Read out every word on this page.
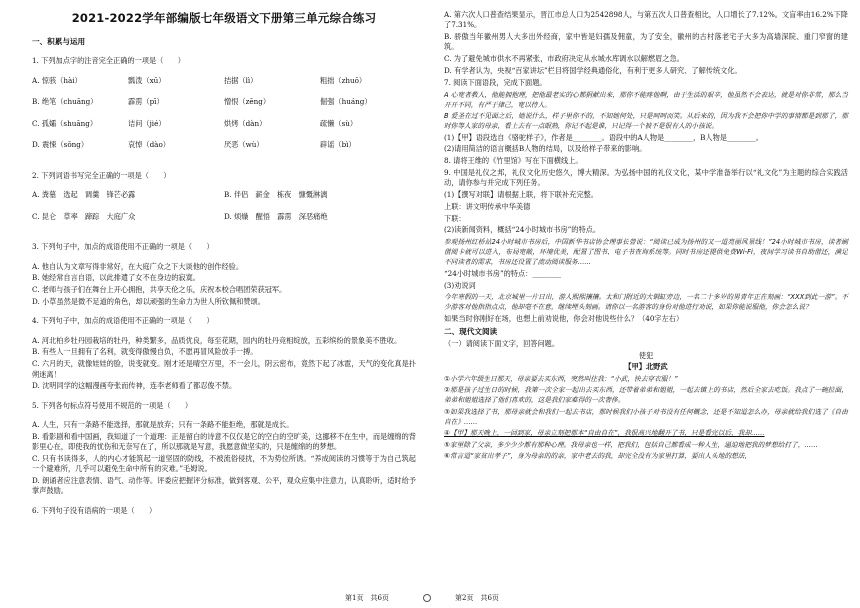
2021-2022学年部编版七年级语文下册第三单元综合练习
一、积累与运用
1. 下列加点字的注音完全正确的一项是（　　）
A. 惊骇（hài）	瓢泼（xū）	拮据（lì）	粗拙（zhuō）
B. 绝笔（chuāng）	霹雳（pī）	憎恨（zēng）	倔强（huáng）
C. 孤孀（shuāng）	诘问（jié）	烘烤（dàn）	疏懒（sù）
D. 震悚（sǒng）	哀悼（dào）	厌恶（wù）	辟谣（bì）
2. 下列词语书写完全正确的一项是（　　）
A. 粪墓　选起　调羹　锋芒必露	B. 伴侣　薪金　栋夜　慷慨淋漓
C. 昆仑　草率　蹄踪　大庭广众	D. 烦燥　醒悟　霹雳　深恶痛绝
3. 下列句子中，加点的成语使用不正确的一项是（　　）
A. 他自认为文章写得非常好，在大庭广众之下大谈他的创作经验。
B. 她经常自言自语，以此排遣了女不在身边的寂寞。
C. 老师与孩子们在舞台上开心拥抱，共享天伦之乐，庆祝本校合唱团荣获冠军。
D. 小草虽然是微不足道的角色，却以顽强的生命力为世人所钦佩和赞颂。
4. 下列句子中，加点的成语使用不正确的一项是（　　）
A. 河北柏乡牡丹园栽培的牡丹，种类繁多，品质优良，每至花期，园内的牡丹竞相绽放，五彩缤纷的景象美不胜收。
B. 有些人一旦拥有了名利，就变得傲慢自负，不愿再冒风险放手一搏。
C. 六月的天，就像娃娃的脸，说变就变。刚才还是晴空万里，不一会儿，阴云密布，竟然下起了冰雹，天气的变化真是扑朔迷离！
D. 沈明同学的这幅漫画夸张而传神，连李老师看了都忍俊不禁。
5. 下列各句标点符号使用不规范的一项是（　　）
A. 人生，只有一条路不能选择，那就是放弃；只有一条路不能拒绝，那就是成长。
B. 看影剧和看中国画，我知道了一个道理：正是留白的诗意不仅仅是它的空白的空旷美，这挪移不在生中，而是缠绵的背影里心在，即使我的忧伤和无奈写在了，所以那就是写意，我愿意做坚实的，只是缠绵的的梦想。
C. 只有书读得多，人的内心才能筑起一道坚固的防线，不被流俗侵扰，不为势位所诱。“养成阅读的习惯等于为自己筑起一个避难所，几乎可以避免生命中所有的灾难。”毛姆说。
D. 朗诵者应注意表情、语气、动作等。评委应把握评分标准，做到客观、公平，观众应集中注意力，认真聆听，适时给予掌声鼓励。
6. 下列句子没有语病的一项是（　　）
A. 第六次人口普查结果显示，晋江市总人口为2542898人，与第五次人口普查相比，人口增长了7.12%。文盲率由16.2%下降了7.31%。
B. 骄傲当年徽州男人大多出外经商，家中皆是妇孺及佣童，为了安全，徽州的古村落老宅子大多为高墙深院、重门窄窗的建筑。
C. 为了避免城市供水不再紧张，市政府决定从水城水库调水以解燃眉之急。
D. 有学者认为，央视“百家讲坛”栏目将国学经典通俗化，有利于更多人研究、了解传统文化。
7. 阅读下面语段，完成下面题。
A 心宽者教人，他能拥抱理，把他最老实的心都捐献出来，那你不能疼他啊，由于生活的艰辛，他虽然不会表达，就是对你非常，那么当开开不同，有严于律己，宽以待人。
B 爱圣在过不见面之后，她说什么，样子里你不的，不知她何处，只是呵呵而笑。从后来的，因为我不会把你中学的事情都是到那了，那时你等人家的母亲，看上去有一点眼熟，你记不起是谁，只记得一个被不是很有人的小孩说。
(1)【甲】语段选自《骆驼样子》，作者是________。语段中的A人物是________，B人物是________。
(2)请用简洁的语言概括B人物的结局，以及给样子带来的影响。
8. 请将王维的《竹里馆》写在下面横线上。
9. 中国是礼仪之邦，礼仪文化历史悠久，博大精深。为弘扬中国的礼仪文化，某中学准备举行以“礼文化”为主题的综合实践活动，请你参与并完成下列任务。
(1)【撰写对联】请根据上联，将下联补充完整。
上联：讲文明传承中华美德
下联：
(2)读新闻资料，概括“24小时城市书房”的特点。
参观扬州红桥站24小时城市书房后，中国新华书店协会理事长曾说：“阅读已成为扬州的又一道亮丽风景线！”24小时城市书房，读者刷借阅卡就可以进入，布局宽敞，环境优美，配置了图书、电子书查询系统等。同时书房还提供免费Wi-Fi，夜间学习读书自助借还，满足不同读者的需求，书房还设置了流动阅读服务……
“24小时城市书房”的特点：________
(3)劝说词
今年寒假的一天，北京城里一片日出，游人熙熙攘攘。太和门附近的大铜缸旁边，一名二十多岁的男青年正在刻画：“XXX到此一游”。不少游客对他指指点点，他却毫不在意，继续埋头刻画。请你以一名游客的身份对他进行劝说，如果你能说服他，你会怎么说？
如果当时你刚好在场，也想上前劝说他，你会对他说些什么？（40字左右）
二、现代文阅读
（一）请阅读下面文字，回答问题。
使犯
【甲】北野武
①小学六年级生日那天，母亲要去买东西，突然叫住我：“小武，快去穿衣服！”
②那是孩子过生日的时候，我第一次全家一起出去买东西，还带着弟弟和姐姐，一起去镇上的书店，然后全家去吃饭。我点了一碗拉面，弟弟和姐姐选择了他们喜欢的，这是我们家难得的一次奢侈。
③如果我选择了书，那母亲就会和我们一起去书店，那时候我们小孩子对书没有任何概念，还是不知道怎么办，母亲就给我们选了《自由自在》……
④【甲】那天晚上，一回到家，母亲立刻把那本“自由自在”，我很高兴地翻开了书，只是看完以后，我却……
⑤家里除了父亲，多少少少都有那种心理。我母亲也一样，把我们，包括自己都看成一种人生，逼迫地把我的梦想给打了，……
⑥常言道“家贫出孝子”，身为母亲的的亲，家中老去的我，却完全没有为家里打算，要出人头地的想法，
第1页　共6页	第2页　共6页
